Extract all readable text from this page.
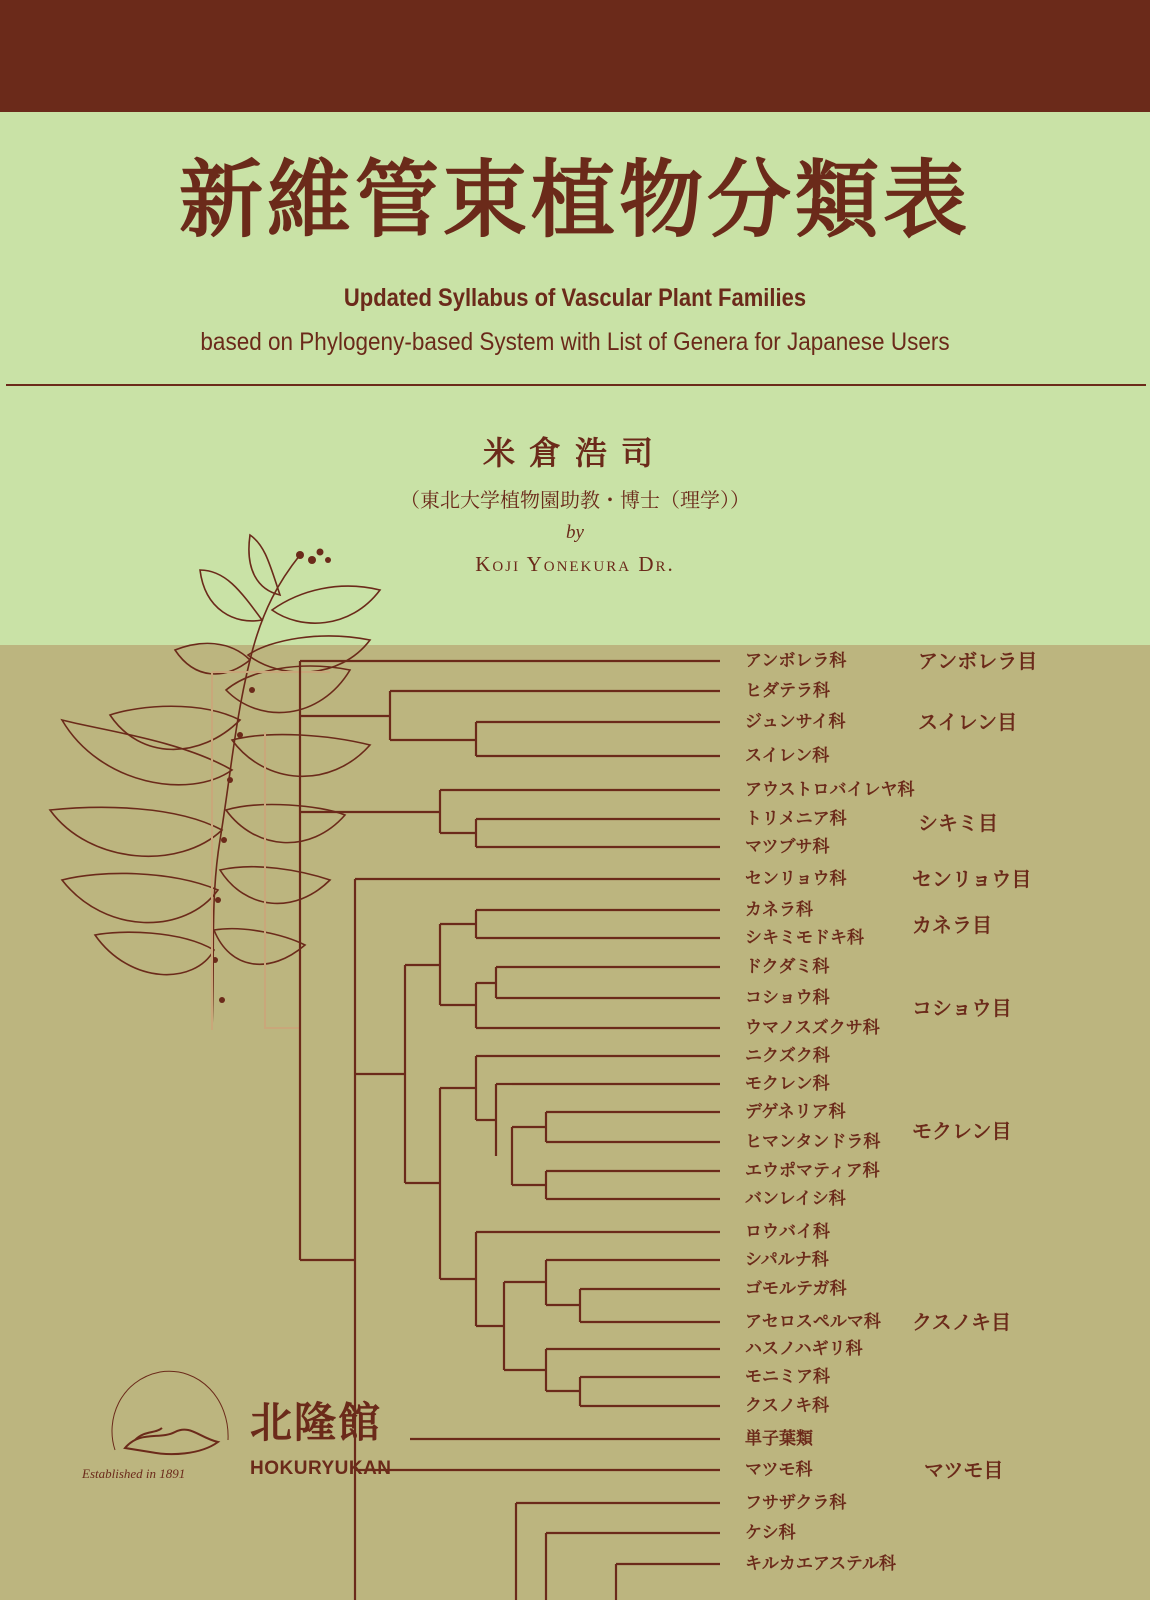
新維管束植物分類表
Updated Syllabus of Vascular Plant Families
based on Phylogeny-based System with List of Genera for Japanese Users
米倉浩司
（東北大学植物園助教・博士（理学））
by
Koji Yonekura Dr.
アンボレラ科
ヒダテラ科
ジュンサイ科
スイレン科
アウストロバイレヤ科
トリメニア科
マツブサ科
センリョウ科
カネラ科
シキミモドキ科
ドクダミ科
コショウ科
ウマノスズクサ科
ニクズク科
モクレン科
デゲネリア科
ヒマンタンドラ科
エウポマティア科
バンレイシ科
ロウバイ科
シパルナ科
ゴモルテガ科
アセロスペルマ科
ハスノハギリ科
モニミア科
クスノキ科
単子葉類
マツモ科
フサザクラ科
ケシ科
キルカエアステル科
アンボレラ目
スイレン目
シキミ目
センリョウ目
カネラ目
コショウ目
モクレン目
クスノキ目
マツモ目
北隆館
HOKURYUKAN
Established in 1891
